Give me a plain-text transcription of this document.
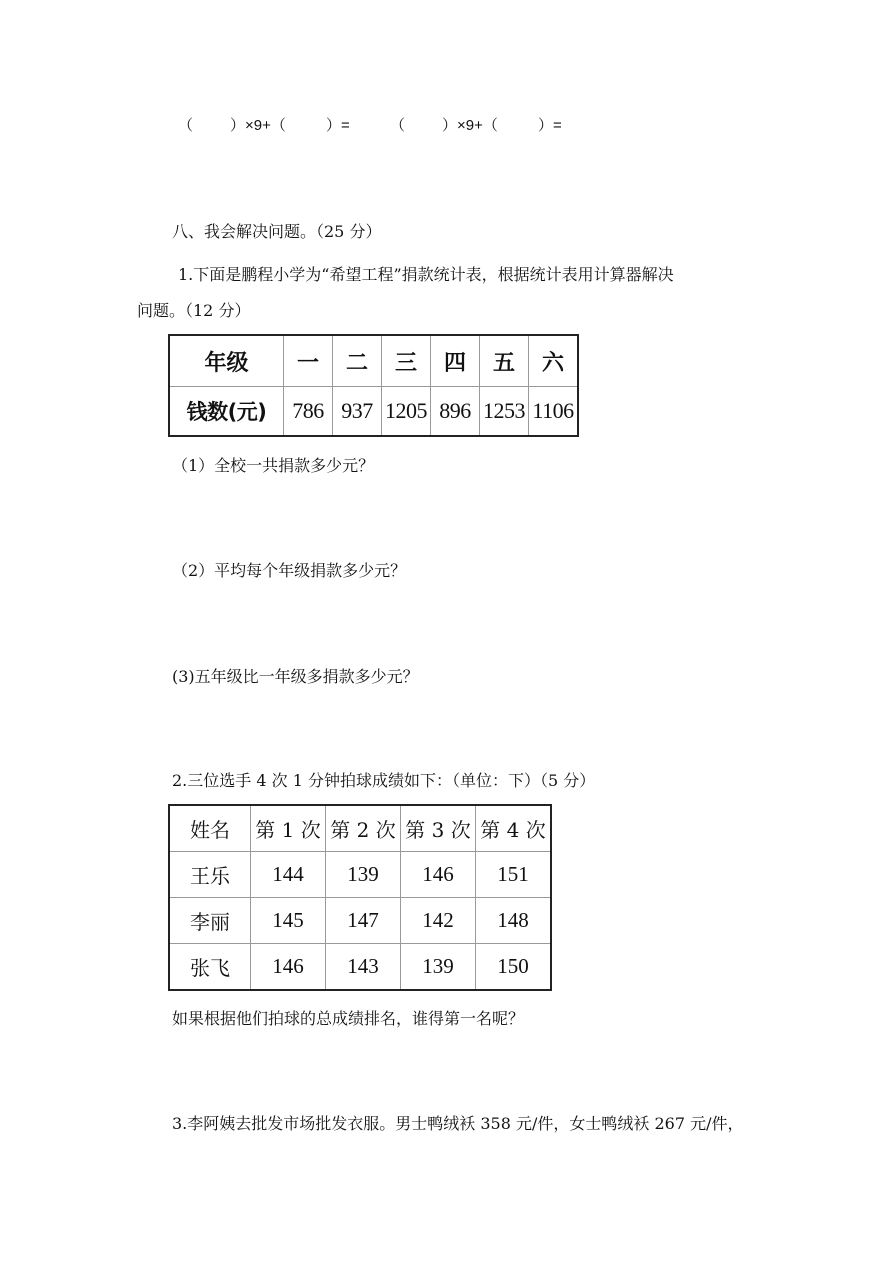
（ ）×9+（	）=	（ ）×9+（	）=
八、我会解决问题。（25 分）
1.下面是鹏程小学为“希望工程”捐款统计表，根据统计表用计算器解决
问题。（12 分）
年级	一	二	三	四	五	六
钱数(元)	786	937	1205	896	1253	1106
（1）全校一共捐款多少元？
（2）平均每个年级捐款多少元？
(3)五年级比一年级多捐款多少元？
2.三位选手 4 次 1 分钟拍球成绩如下：（单位：下）（5 分）
姓名	第 1 次	第 2 次	第 3 次	第 4 次
王乐	144	139	146	151
李丽	145	147	142	148
张飞	146	143	139	150
如果根据他们拍球的总成绩排名，谁得第一名呢？
3.李阿姨去批发市场批发衣服。男士鸭绒袄 358 元/件，女士鸭绒袄 267 元/件，
